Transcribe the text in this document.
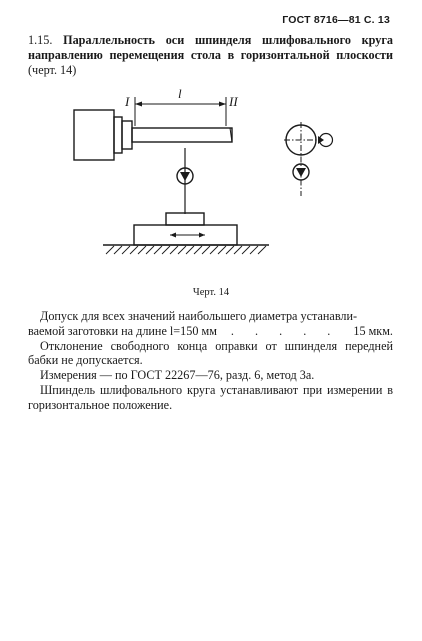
ГОСТ 8716—81 С. 13
1.15. Параллельность оси шпинделя шлифовального круга направлению перемещения стола в горизонтальной плоскости (черт. 14)
I
l
II
Черт. 14

Допуск для всех значений наибольшего диаметра устанавли-

ваемой заготовки на длине l=150 мм . . . . . 15 мкм.

Отклонение свободного конца оправки от шпинделя передней бабки не допускается.

Измерения — по ГОСТ 22267—76, разд. 6, метод 3а.

Шпиндель шлифовального круга устанавливают при измерении в горизонтальное положение.
